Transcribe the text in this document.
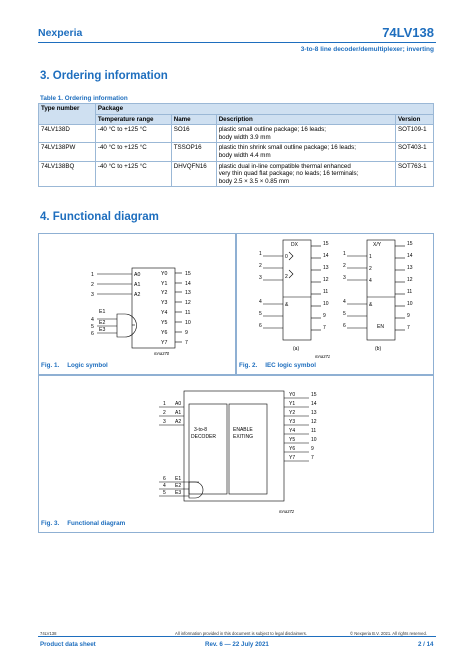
Nexperia	74LV138
3-to-8 line decoder/demultiplexer; inverting
3. Ordering information
Table 1. Ordering information
Type number	Package			
	Temperature range	Name	Description	Version
74LV138D	-40 °C to +125 °C	SO16	plastic small outline package; 16 leads;
body width 3.9 mm	SOT109-1
74LV138PW	-40 °C to +125 °C	TSSOP16	plastic thin shrink small outline package; 16 leads;
body width 4.4 mm	SOT403-1
74LV138BQ	-40 °C to +125 °C	DHVQFN16	plastic dual in-line compatible thermal enhanced
very thin quad flat package; no leads; 16 terminals;
body 2.5 × 3.5 × 0.85 mm	SOT763-1
4. Functional diagram
1
2
3
A0
A1
A2
4
5
6
E1
E2
E3
Y0
Y1
Y2
Y3
Y4
Y5
Y6
Y7
15
14
13
12
11
10
9
7
mna370
Fig. 1. Logic symbol
DX	X/Y
0
2
&
1
2
4
&
EN
1
2
3
4
5
6
1
2
3
4
5
6
15
14
13
12
11
10
9
7
15
14
13
12
11
10
9
7
(a)	(b)
mna371
Fig. 2. IEC logic symbol
A0
A1
A2
1
2
3
6
4
5
E1
E2
E3
3-to-8
DECODER
ENABLE
EXITING
Y0
Y1
Y2
Y3
Y4
Y5
Y6
Y7
15
14
13
12
11
10
9
7
mna372
Fig. 3. Functional diagram
74LV138	All information provided in this document is subject to legal disclaimers.	© Nexperia B.V. 2021. All rights reserved.
Product data sheet	Rev. 6 — 22 July 2021	2 / 14
